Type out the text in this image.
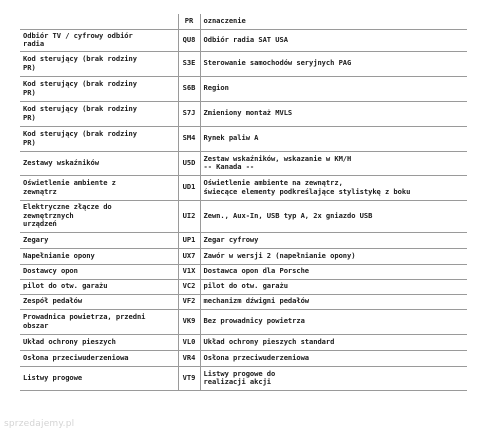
	PR	oznaczenie
Odbiór TV / cyfrowy odbiór
radia	QU8	Odbiór radia SAT USA
Kod sterujący (brak rodziny
PR)	S3E	Sterowanie samochodów seryjnych PAG
Kod sterujący (brak rodziny
PR)	S6B	Region
Kod sterujący (brak rodziny
PR)	S7J	Zmieniony montaż MVLS
Kod sterujący (brak rodziny
PR)	SM4	Rynek paliw A
Zestawy wskaźników	U5D	Zestaw wskaźników, wskazanie w KM/H
-- Kanada --
Oświetlenie ambiente z
zewnątrz	UD1	Oświetlenie ambiente na zewnątrz,
świecące elementy podkreślające stylistykę z boku
Elektryczne złącze do
zewnętrznych
urządzeń	UI2	Zewn., Aux-In, USB typ A, 2x gniazdo USB
Zegary	UP1	Zegar cyfrowy
Napełnianie opony	UX7	Zawór w wersji 2 (napełnianie opony)
Dostawcy opon	V1X	Dostawca opon dla Porsche
pilot do otw. garażu	VC2	pilot do otw. garażu
Zespół pedałów	VF2	mechanizm dźwigni pedałów
Prowadnica powietrza, przedni
obszar	VK9	Bez prowadnicy powietrza
Układ ochrony pieszych	VL0	Układ ochrony pieszych standard
Osłona przeciwuderzeniowa	VR4	Osłona przeciwuderzeniowa
Listwy progowe	VT9	Listwy progowe do
realizacji akcji
sprzedajemy.pl
